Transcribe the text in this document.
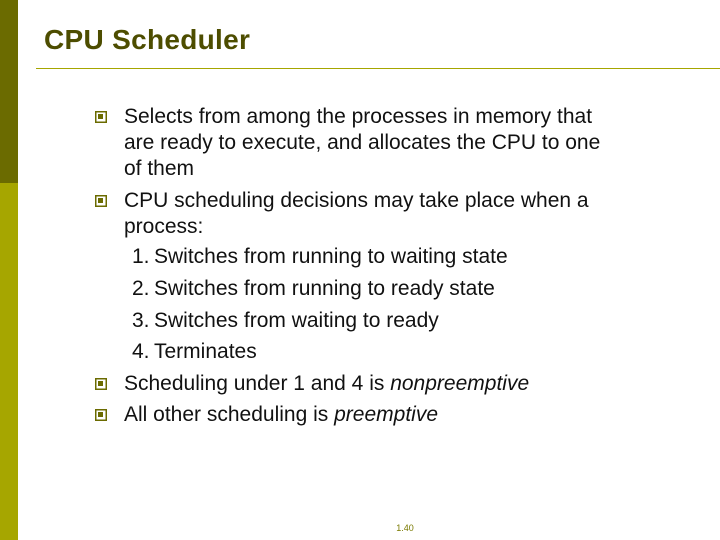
CPU Scheduler
Selects from among the processes in memory that
are ready to execute, and allocates the CPU to one
of them
CPU scheduling decisions may take place when a
process:
1. Switches from running to waiting state
2. Switches from running to ready state
3. Switches from waiting to ready
4. Terminates
Scheduling under 1 and 4 is nonpreemptive
All other scheduling is preemptive
1.40
